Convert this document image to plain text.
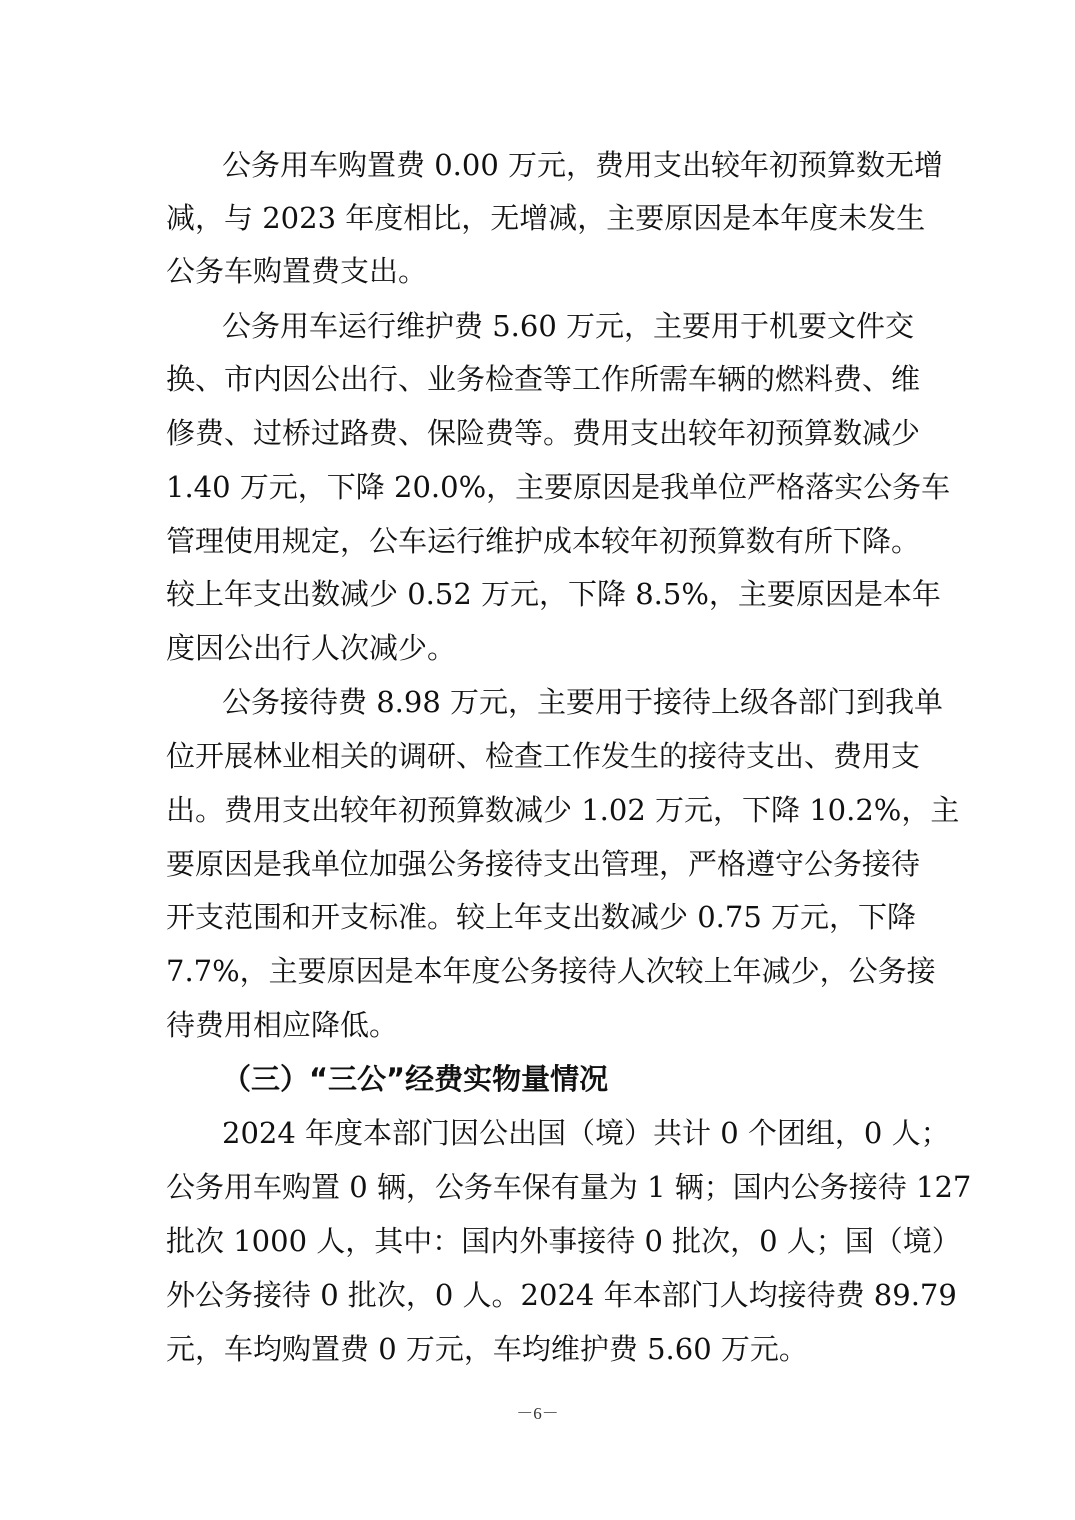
公务用车购置费 0.00 万元，费用支出较年初预算数无增
减，与 2023 年度相比，无增减，主要原因是本年度未发生
公务车购置费支出。
公务用车运行维护费 5.60 万元，主要用于机要文件交
换、市内因公出行、业务检查等工作所需车辆的燃料费、维
修费、过桥过路费、保险费等。费用支出较年初预算数减少
1.40 万元，下降 20.0%，主要原因是我单位严格落实公务车
管理使用规定，公车运行维护成本较年初预算数有所下降。
较上年支出数减少 0.52 万元，下降 8.5%，主要原因是本年
度因公出行人次减少。
公务接待费 8.98 万元，主要用于接待上级各部门到我单
位开展林业相关的调研、检查工作发生的接待支出、费用支
出。费用支出较年初预算数减少 1.02 万元，下降 10.2%，主
要原因是我单位加强公务接待支出管理，严格遵守公务接待
开支范围和开支标准。较上年支出数减少 0.75 万元，下降
7.7%，主要原因是本年度公务接待人次较上年减少，公务接
待费用相应降低。
（三）“三公”经费实物量情况
2024 年度本部门因公出国（境）共计 0 个团组，0 人；
公务用车购置 0 辆，公务车保有量为 1 辆；国内公务接待 127
批次 1000 人，其中：国内外事接待 0 批次，0 人；国（境）
外公务接待 0 批次，0 人。2024 年本部门人均接待费 89.79
元，车均购置费 0 万元，车均维护费 5.60 万元。
－6－
